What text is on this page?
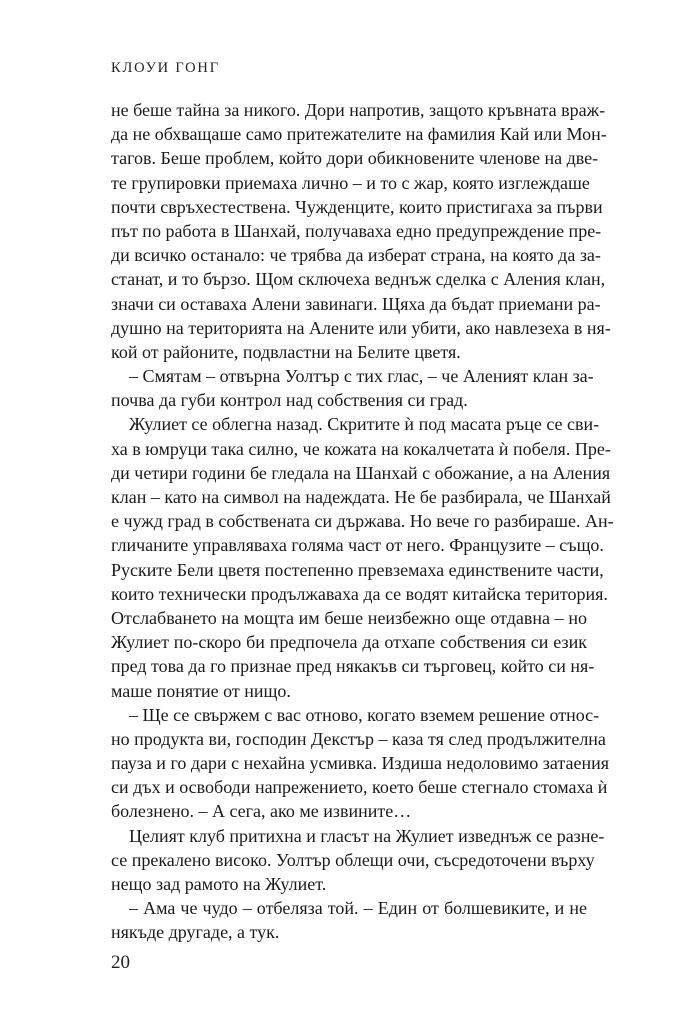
КЛОУИ ГОНГ
не беше тайна за никого. Дори напротив, защото кръвната враж-
да не обхващаше само притежателите на фамилия Кай или Мон-
тагов. Беше проблем, който дори обикновените членове на две-
те групировки приемаха лично – и то с жар, която изглеждаше
почти свръхестествена. Чужденците, които пристигаха за първи
път по работа в Шанхай, получаваха едно предупреждение пре-
ди всичко останало: че трябва да изберат страна, на която да за-
станат, и то бързо. Щом сключеха веднъж сделка с Аления клан,
значи си оставаха Алени завинаги. Щяха да бъдат приемани ра-
душно на територията на Алените или убити, ако навлезеха в ня-
кой от районите, подвластни на Белите цветя.
– Смятам – отвърна Уолтър с тих глас, – че Аленият клан за-
почва да губи контрол над собствения си град.
Жулиет се облегна назад. Скритите ѝ под масата ръце се сви-
ха в юмруци така силно, че кожата на кокалчетата ѝ побеля. Пре-
ди четири години бе гледала на Шанхай с обожание, а на Аления
клан – като на символ на надеждата. Не бе разбирала, че Шанхай
е чужд град в собствената си държава. Но вече го разбираше. Ан-
гличаните управляваха голяма част от него. Французите – също.
Руските Бели цветя постепенно превземаха единствените части,
които технически продължаваха да се водят китайска територия.
Отслабването на мощта им беше неизбежно още отдавна – но
Жулиет по-скоро би предпочела да отхапе собствения си език
пред това да го признае пред някакъв си търговец, който си ня-
маше понятие от нищо.
– Ще се свържем с вас отново, когато вземем решение относ-
но продукта ви, господин Декстър – каза тя след продължителна
пауза и го дари с нехайна усмивка. Издиша недоловимо затаения
си дъх и освободи напрежението, което беше стегнало стомаха ѝ
болезнено. – А сега, ако ме извините…
Целият клуб притихна и гласът на Жулиет изведнъж се разне-
се прекалено високо. Уолтър облещи очи, съсредоточени върху
нещо зад рамото на Жулиет.
– Ама че чудо – отбеляза той. – Един от болшевиките, и не
някъде другаде, а тук.
20
